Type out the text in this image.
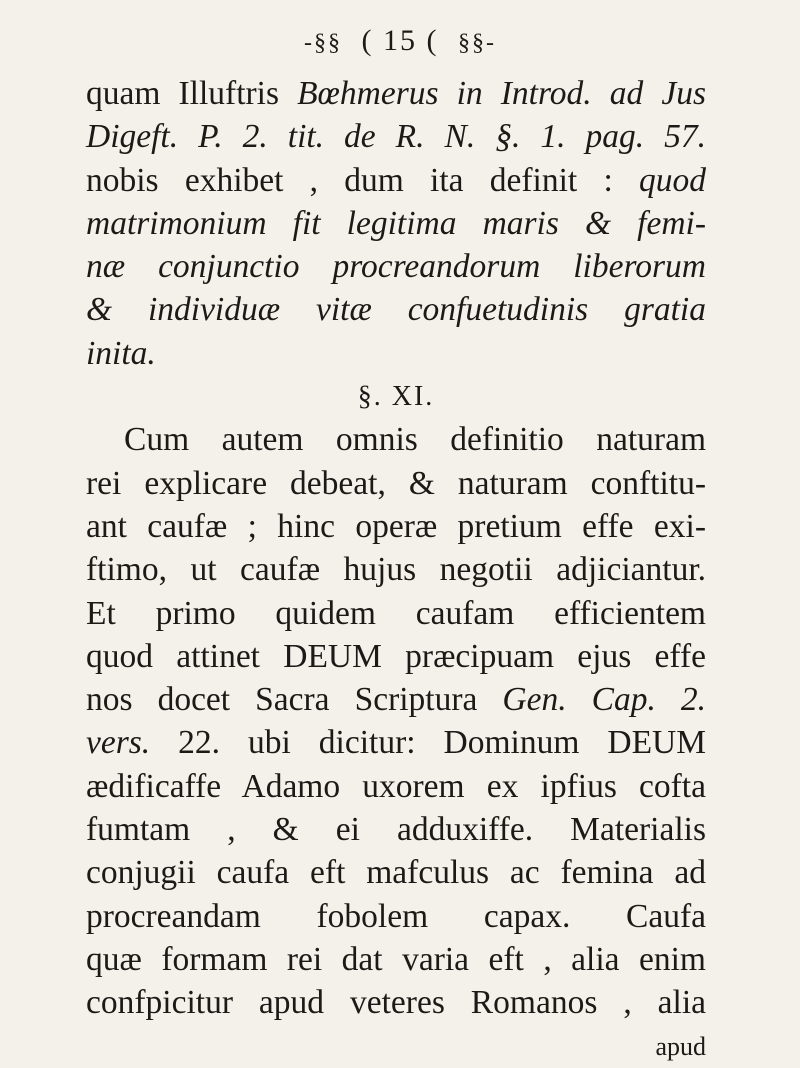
-§§ ( 15 ( §§-
quam Illuftris Bœhmerus in Introd. ad Jus
Digeft. P. 2. tit. de R. N. §. 1. pag. 57.
nobis exhibet , dum ita definit : quod
matrimonium fit legitima maris & femi-
næ conjunctio procreandorum liberorum
& individuæ vitæ confuetudinis gratia
inita.
§. XI.
Cum autem omnis definitio naturam
rei explicare debeat, & naturam conftitu-
ant caufæ ; hinc operæ pretium effe exi-
ftimo, ut caufæ hujus negotii adjiciantur.
Et primo quidem caufam efficientem
quod attinet DEUM præcipuam ejus effe
nos docet Sacra Scriptura Gen. Cap. 2.
vers. 22. ubi dicitur: Dominum DEUM
ædificaffe Adamo uxorem ex ipfius cofta
fumtam , & ei adduxiffe. Materialis
conjugii caufa eft mafculus ac femina ad
procreandam fobolem capax. Caufa
quæ formam rei dat varia eft , alia enim
confpicitur apud veteres Romanos , alia
apud
